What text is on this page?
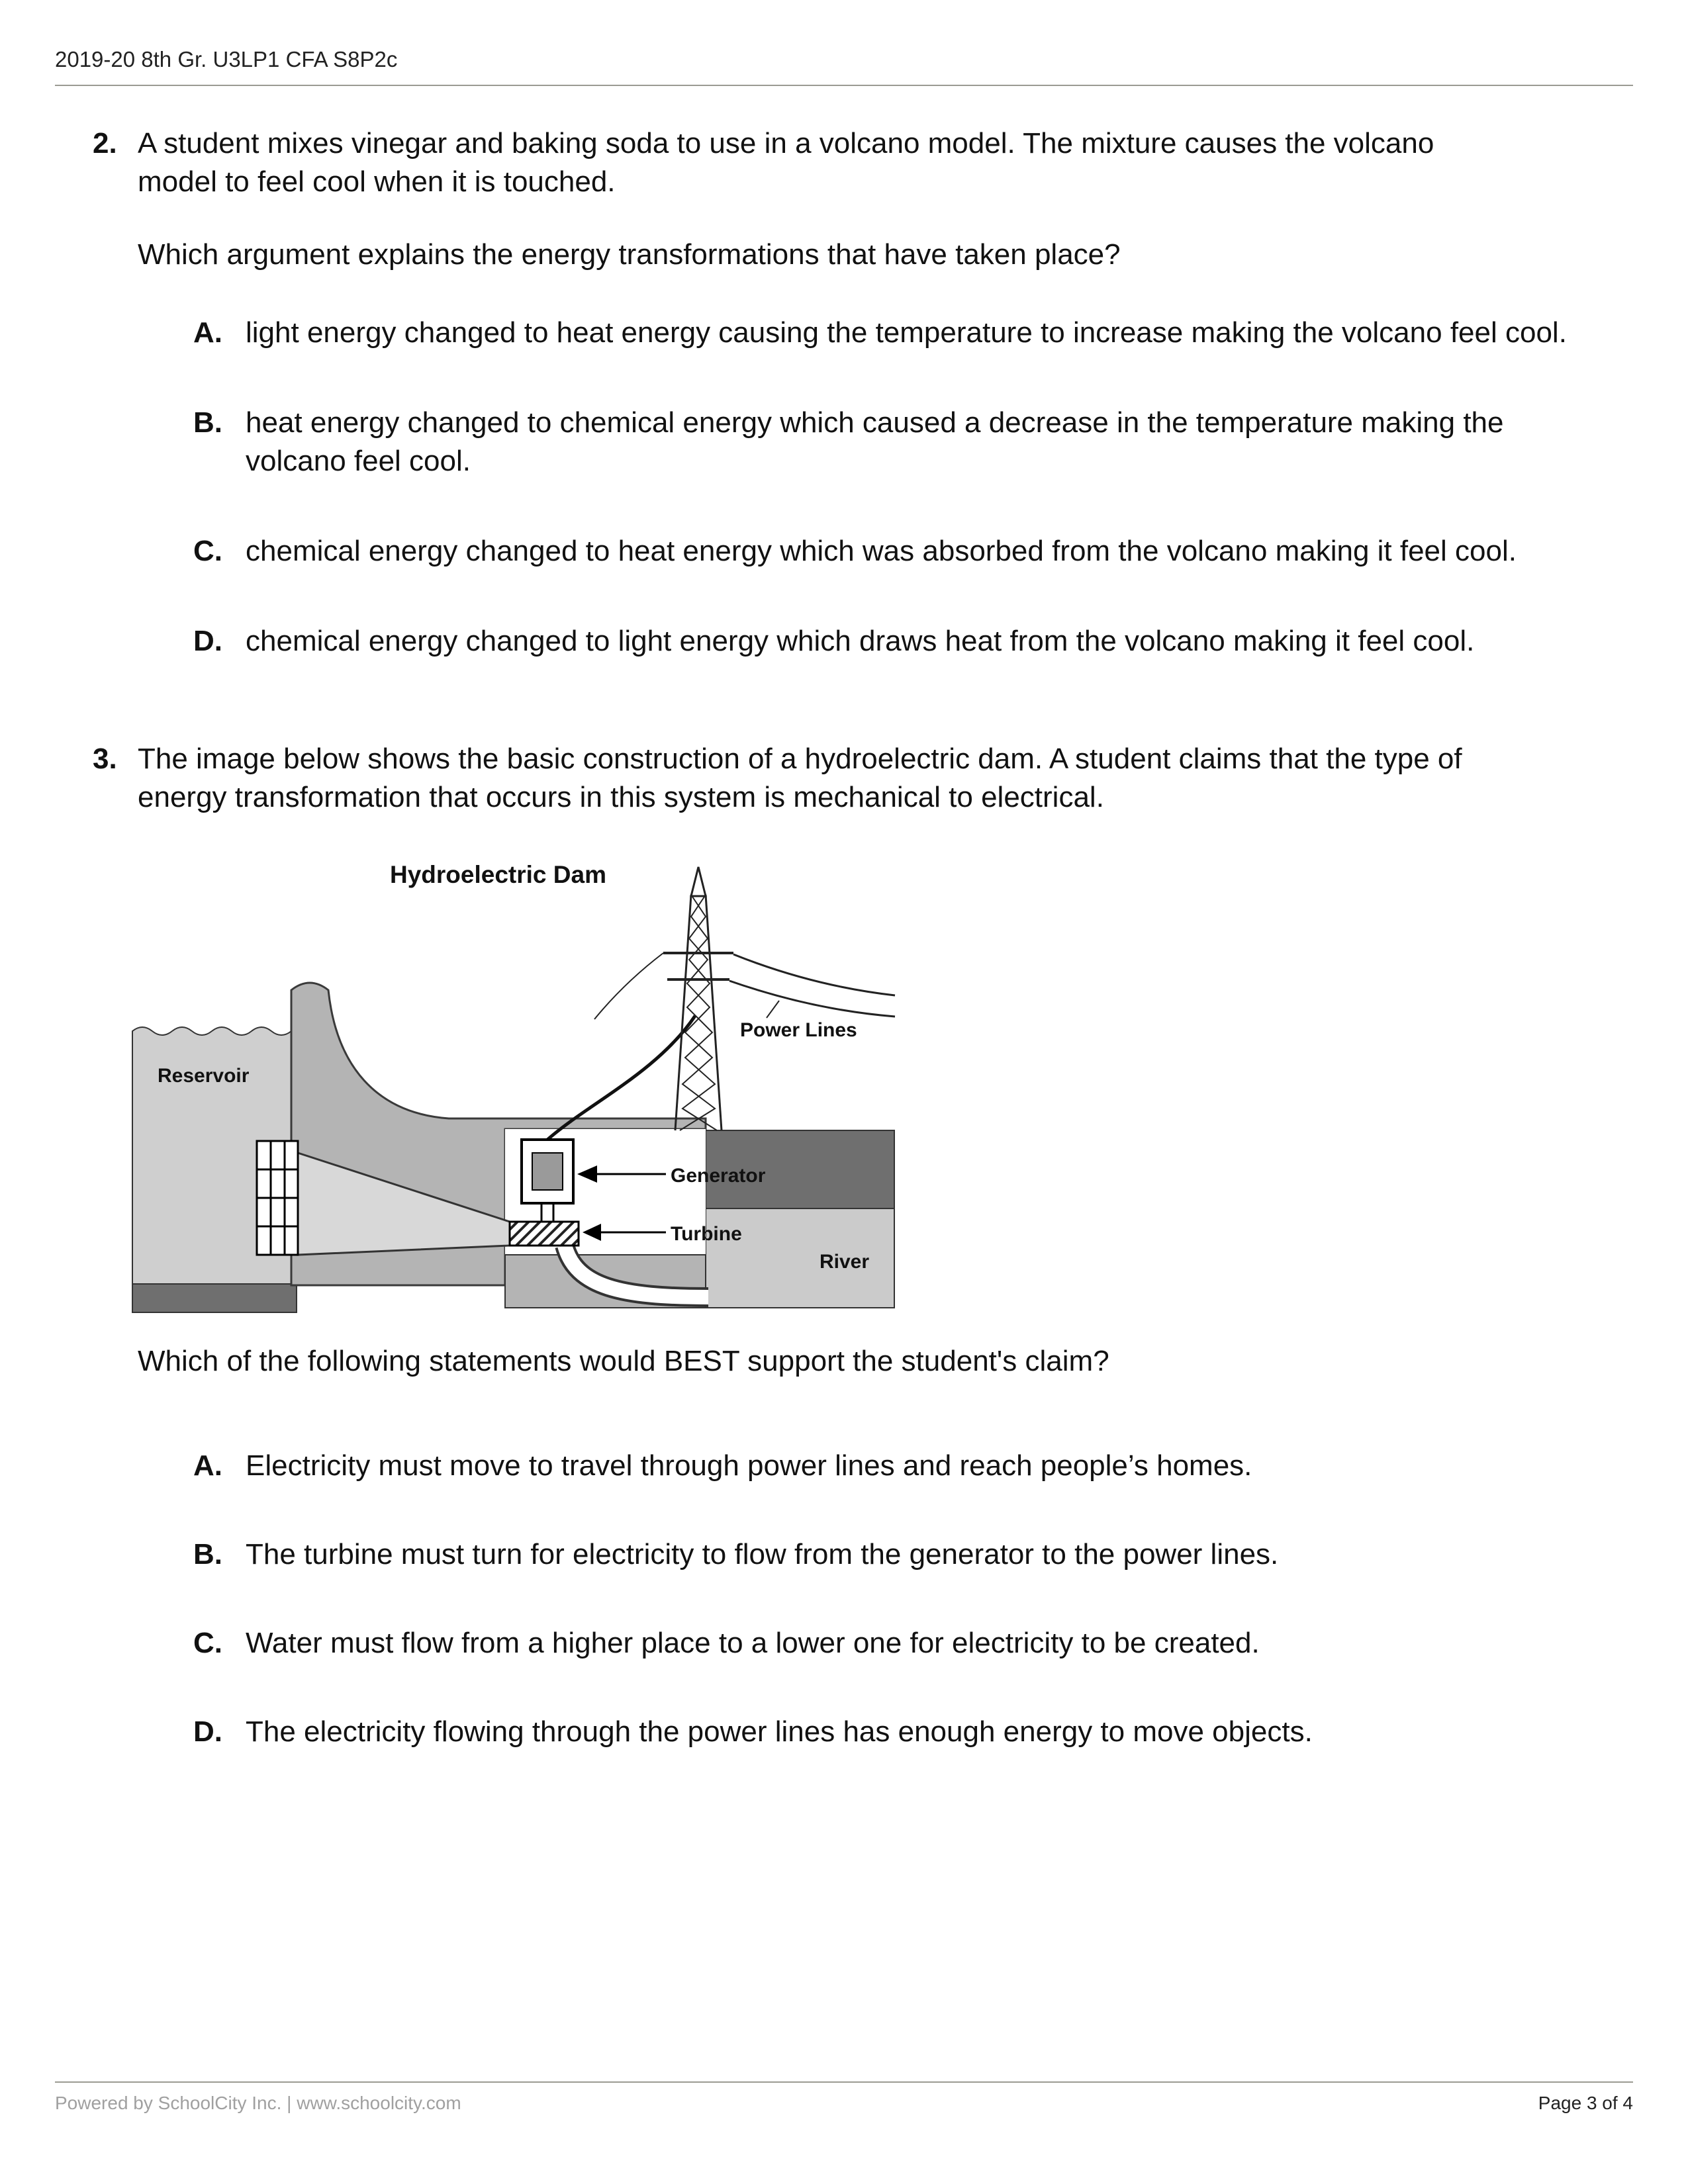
2019-20 8th Gr. U3LP1 CFA S8P2c
2. A student mixes vinegar and baking soda to use in a volcano model. The mixture causes the volcano model to feel cool when it is touched.

Which argument explains the energy transformations that have taken place?

A. light energy changed to heat energy causing the temperature to increase making the volcano feel cool.
B. heat energy changed to chemical energy which caused a decrease in the temperature making the volcano feel cool.
C. chemical energy changed to heat energy which was absorbed from the volcano making it feel cool.
D. chemical energy changed to light energy which draws heat from the volcano making it feel cool.
3. The image below shows the basic construction of a hydroelectric dam. A student claims that the type of energy transformation that occurs in this system is mechanical to electrical.

Hydroelectric Dam
Reservoir
Power Lines
Generator
Turbine
River

Which of the following statements would BEST support the student's claim?

A. Electricity must move to travel through power lines and reach people’s homes.
B. The turbine must turn for electricity to flow from the generator to the power lines.
C. Water must flow from a higher place to a lower one for electricity to be created.
D. The electricity flowing through the power lines has enough energy to move objects.
Powered by SchoolCity Inc. | www.schoolcity.com	Page 3 of 4
